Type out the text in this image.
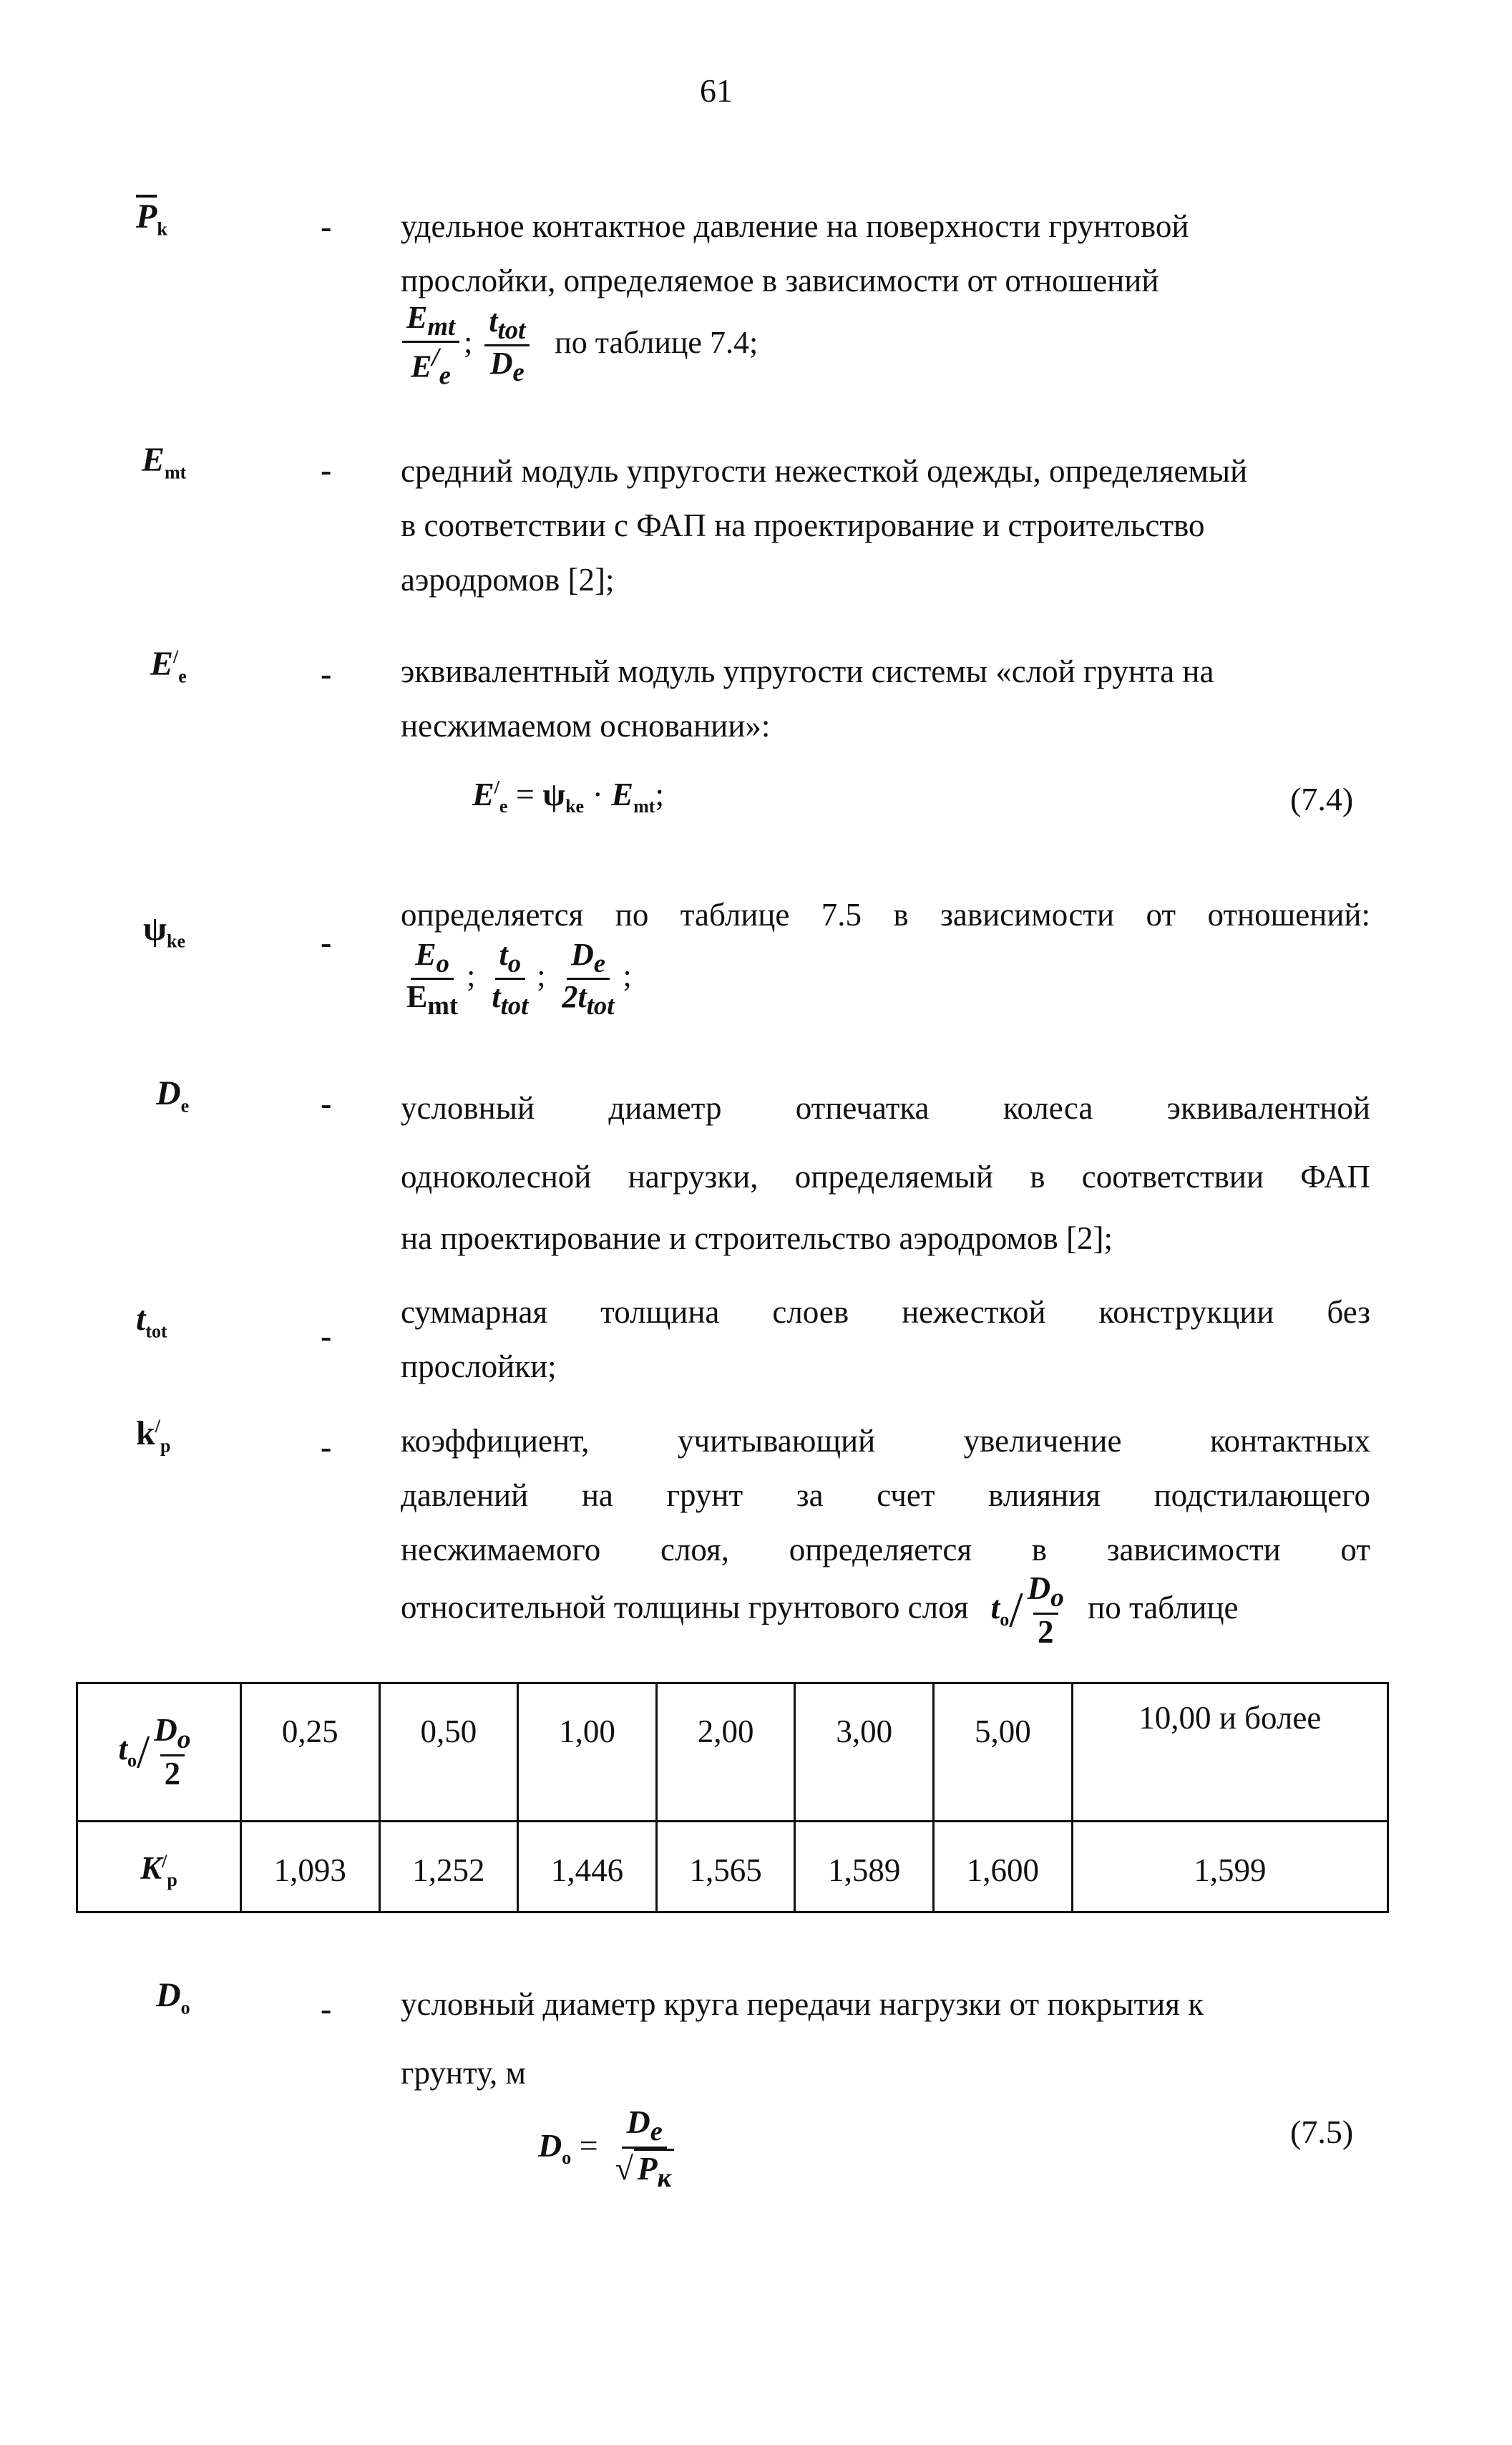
61
$\overline{P}_k$	- удельное контактное давление на поверхности грунтовой
прослойки, определяемое в зависимости от отношений
$\frac{E_{mt}}{E^/_e}$ ; $\frac{t_{tot}}{D_e}$ по таблице 7.4;
$E_{mt}$	- средний модуль упругости нежесткой одежды, определяемый
в соответствии с ФАП на проектирование и строительство
аэродромов [2];
$E^/_e$	- эквивалентный модуль упругости системы «слой грунта на
несжимаемом основании»:
$E^/_e = \psi_{ke} \cdot E_{mt}$;	(7.4)
$\psi_{ke}$	-
определяется по таблице 7.5 в зависимости от отношений:
$\frac{E_o}{E_{mt}}$ ; $\frac{t_o}{t_{tot}}$ ; $\frac{D_e}{2t_{tot}}$ ;
$D_e$	- условный диаметр отпечатка колеса эквивалентной
одноколесной нагрузки, определяемый в соответствии ФАП
на проектирование и строительство аэродромов [2];
$t_{tot}$	-
суммарная толщина слоев нежесткой конструкции без
прослойки;
$k^/_p$	- коэффициент, учитывающий увеличение контактных
давлений на грунт за счет влияния подстилающего
несжимаемого слоя, определяется в зависимости от
относительной толщины грунтового слоя $t_o/ \frac{D_o}{2}$ по таблице
$t_o/ \frac{D_o}{2}$	0,25	0,50	1,00	2,00	3,00	5,00	10,00 и более
$K^/_p$	1,093	1,252	1,446	1,565	1,589	1,600	1,599
$D_o$	- условный диаметр круга передачи нагрузки от покрытия к
грунту, м
$D_o = \frac{D_e}{√ P_к}$	(7.5)
